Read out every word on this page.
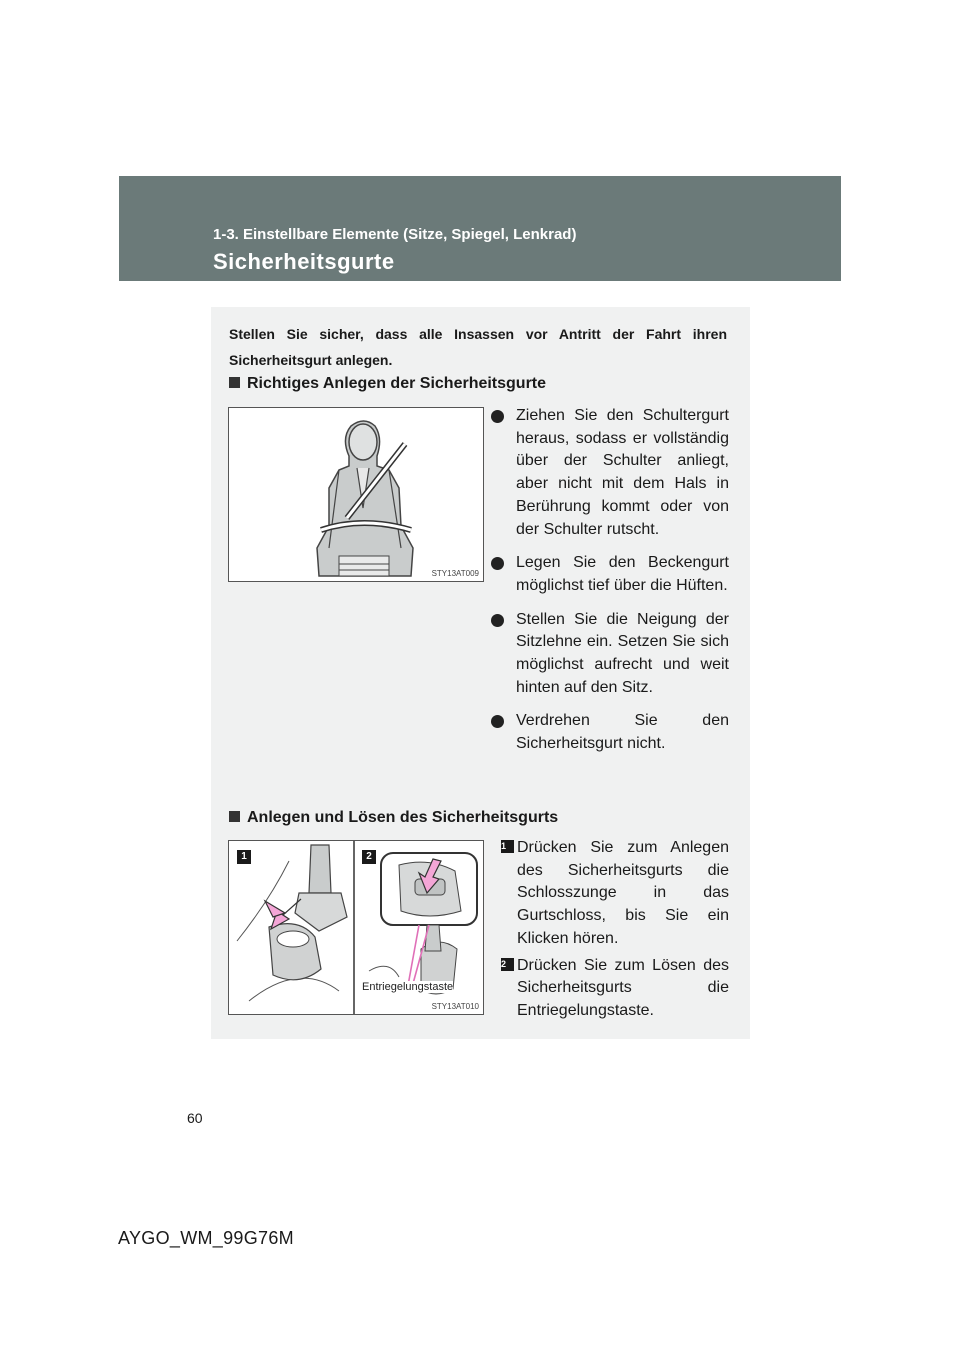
1-3. Einstellbare Elemente (Sitze, Spiegel, Lenkrad)
Sicherheitsgurte
Stellen Sie sicher, dass alle Insassen vor Antritt der Fahrt ihren Sicherheitsgurt anlegen.
Richtiges Anlegen der Sicherheitsgurte
STY13AT009
Ziehen Sie den Schultergurt heraus, sodass er vollständig über der Schulter anliegt, aber nicht mit dem Hals in Berührung kommt oder von der Schulter rutscht.
Legen Sie den Beckengurt möglichst tief über die Hüften.
Stellen Sie die Neigung der Sitzlehne ein. Setzen Sie sich möglichst aufrecht und weit hinten auf den Sitz.
Verdrehen Sie den Sicherheitsgurt nicht.
Anlegen und Lösen des Sicherheitsgurts
1	2
Entriegelungstaste
STY13AT010
1 Drücken Sie zum Anlegen des Sicherheitsgurts die Schlosszunge in das Gurtschloss, bis Sie ein Klicken hören.
2 Drücken Sie zum Lösen des Sicherheitsgurts die Entriegelungstaste.
60
AYGO_WM_99G76M
